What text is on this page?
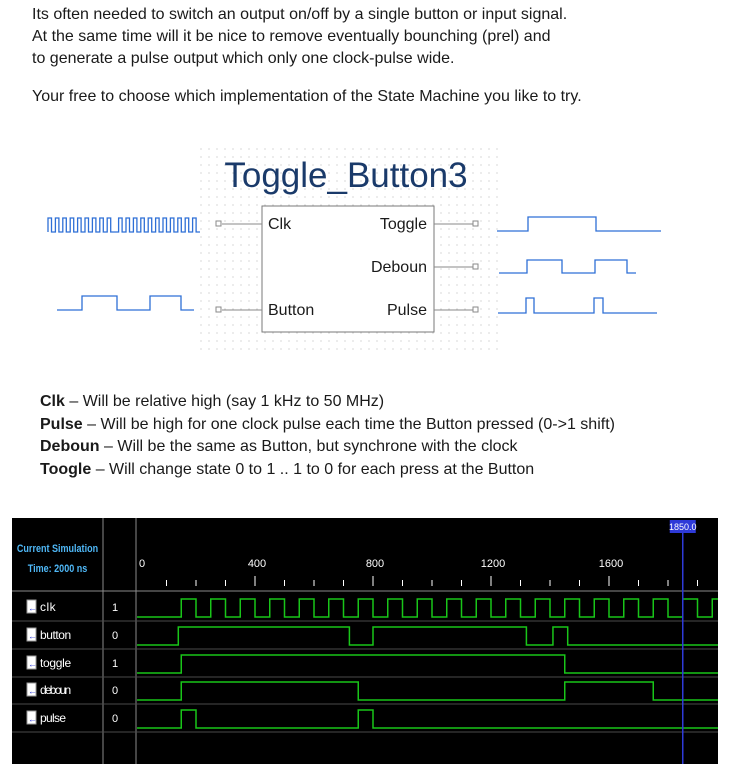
Its often needed to switch an output on/off by a single button or input signal.

At the same time will it be nice to remove eventually bounching (prel) and

to generate a pulse output which only one clock-pulse wide.

Your free to choose which implementation of the State Machine you like to try.

Toggle_Button3
Clk
Button
Toggle
Deboun
Pulse
Clk – Will be relative high (say 1 kHz to 50 MHz)
Pulse – Will be high for one clock pulse each time the Button pressed (0->1 shift)
Deboun – Will be the same as Button, but synchrone with the clock
Toogle – Will change state 0 to 1 .. 1 to 0 for each press at the Button
0	400	800	1200	1600
← clk	1
← button	0
← toggle	1
← deboun	0
← pulse	0
1850.0
Current Simulation
Time: 2000 ns
